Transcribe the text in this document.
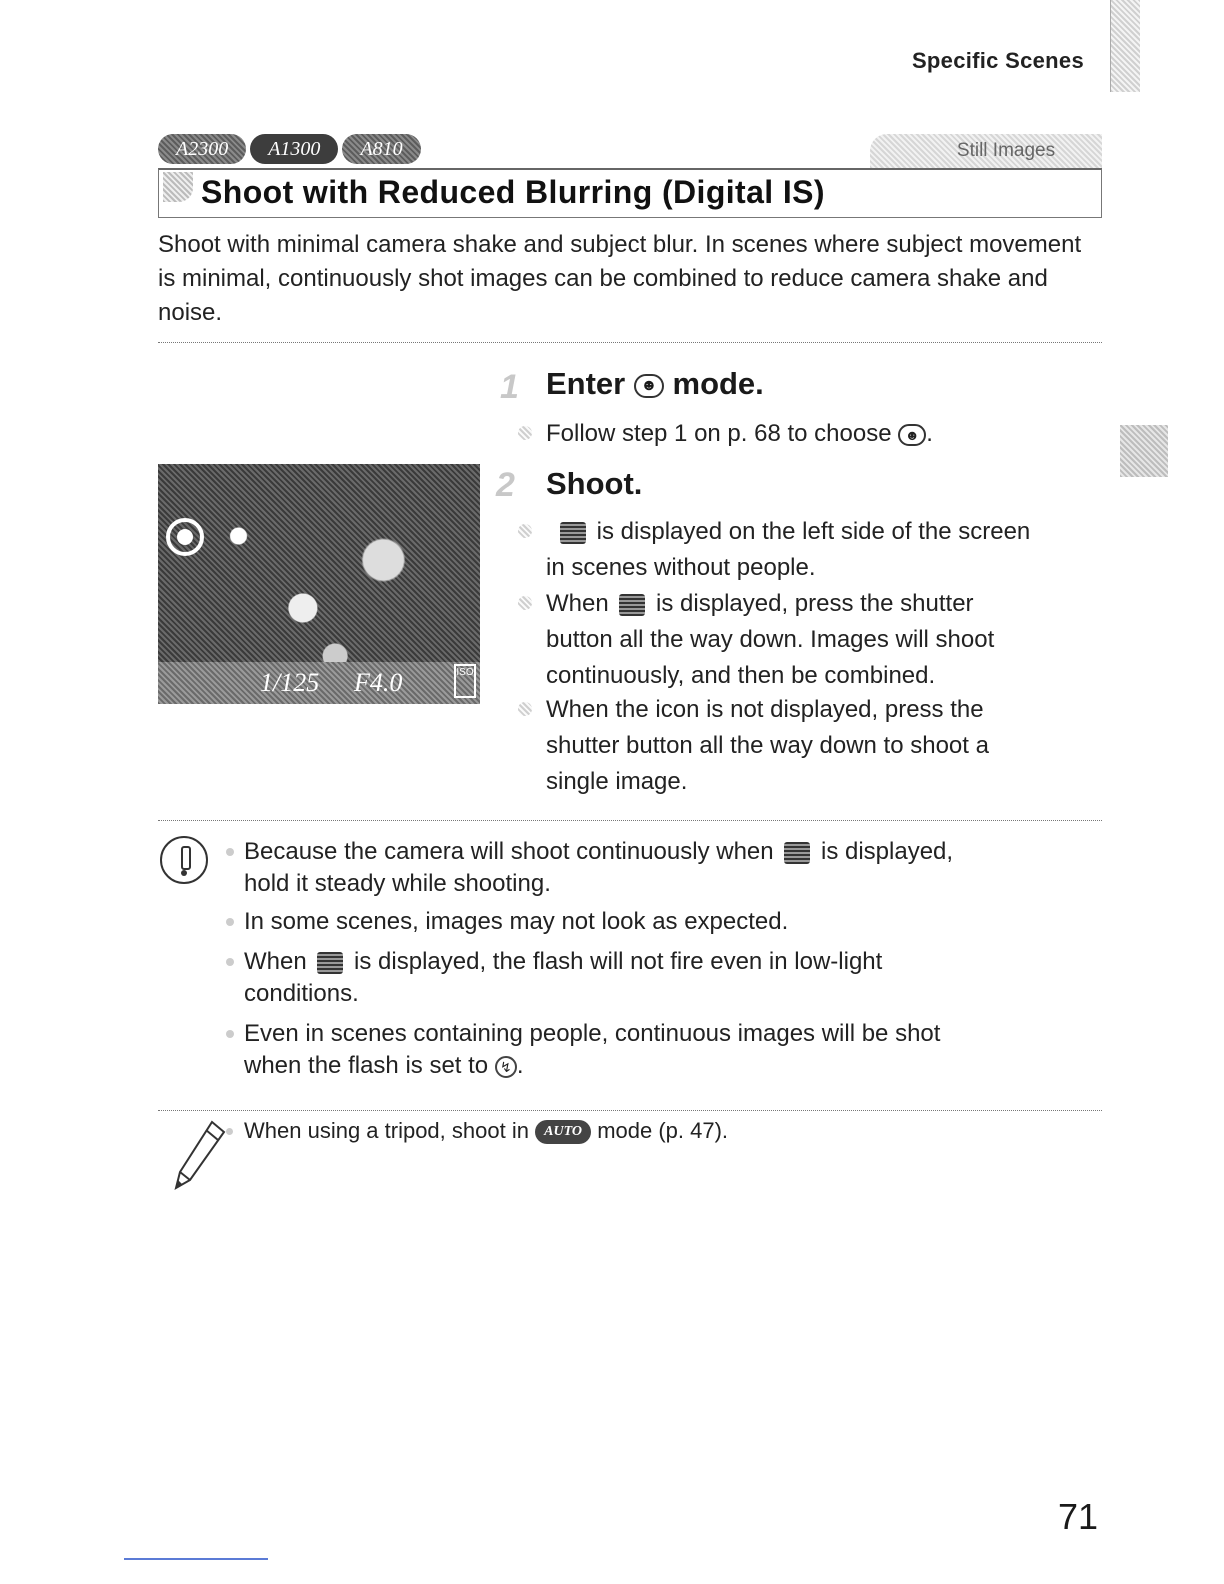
Specific Scenes
A2300	A1300	A810	Still Images
Shoot with Reduced Blurring (Digital IS)
Shoot with minimal camera shake and subject blur. In scenes where subject movement is minimal, continuously shot images can be combined to reduce camera shake and noise.
1 Enter ☻ mode.
Follow step 1 on p. 68 to choose ☻ .
1/125 F4.0	ISO
2 Shoot.
is displayed on the left side of the screen
in scenes without people.
When is displayed, press the shutter
button all the way down. Images will shoot
continuously, and then be combined.
When the icon is not displayed, press the
shutter button all the way down to shoot a
single image.
Because the camera will shoot continuously when is displayed,
hold it steady while shooting.
In some scenes, images may not look as expected.
When is displayed, the flash will not fire even in low-light
conditions.
Even in scenes containing people, continuous images will be shot
when the flash is set to ↯ .
When using a tripod, shoot in AUTO mode (p. 47).
71
